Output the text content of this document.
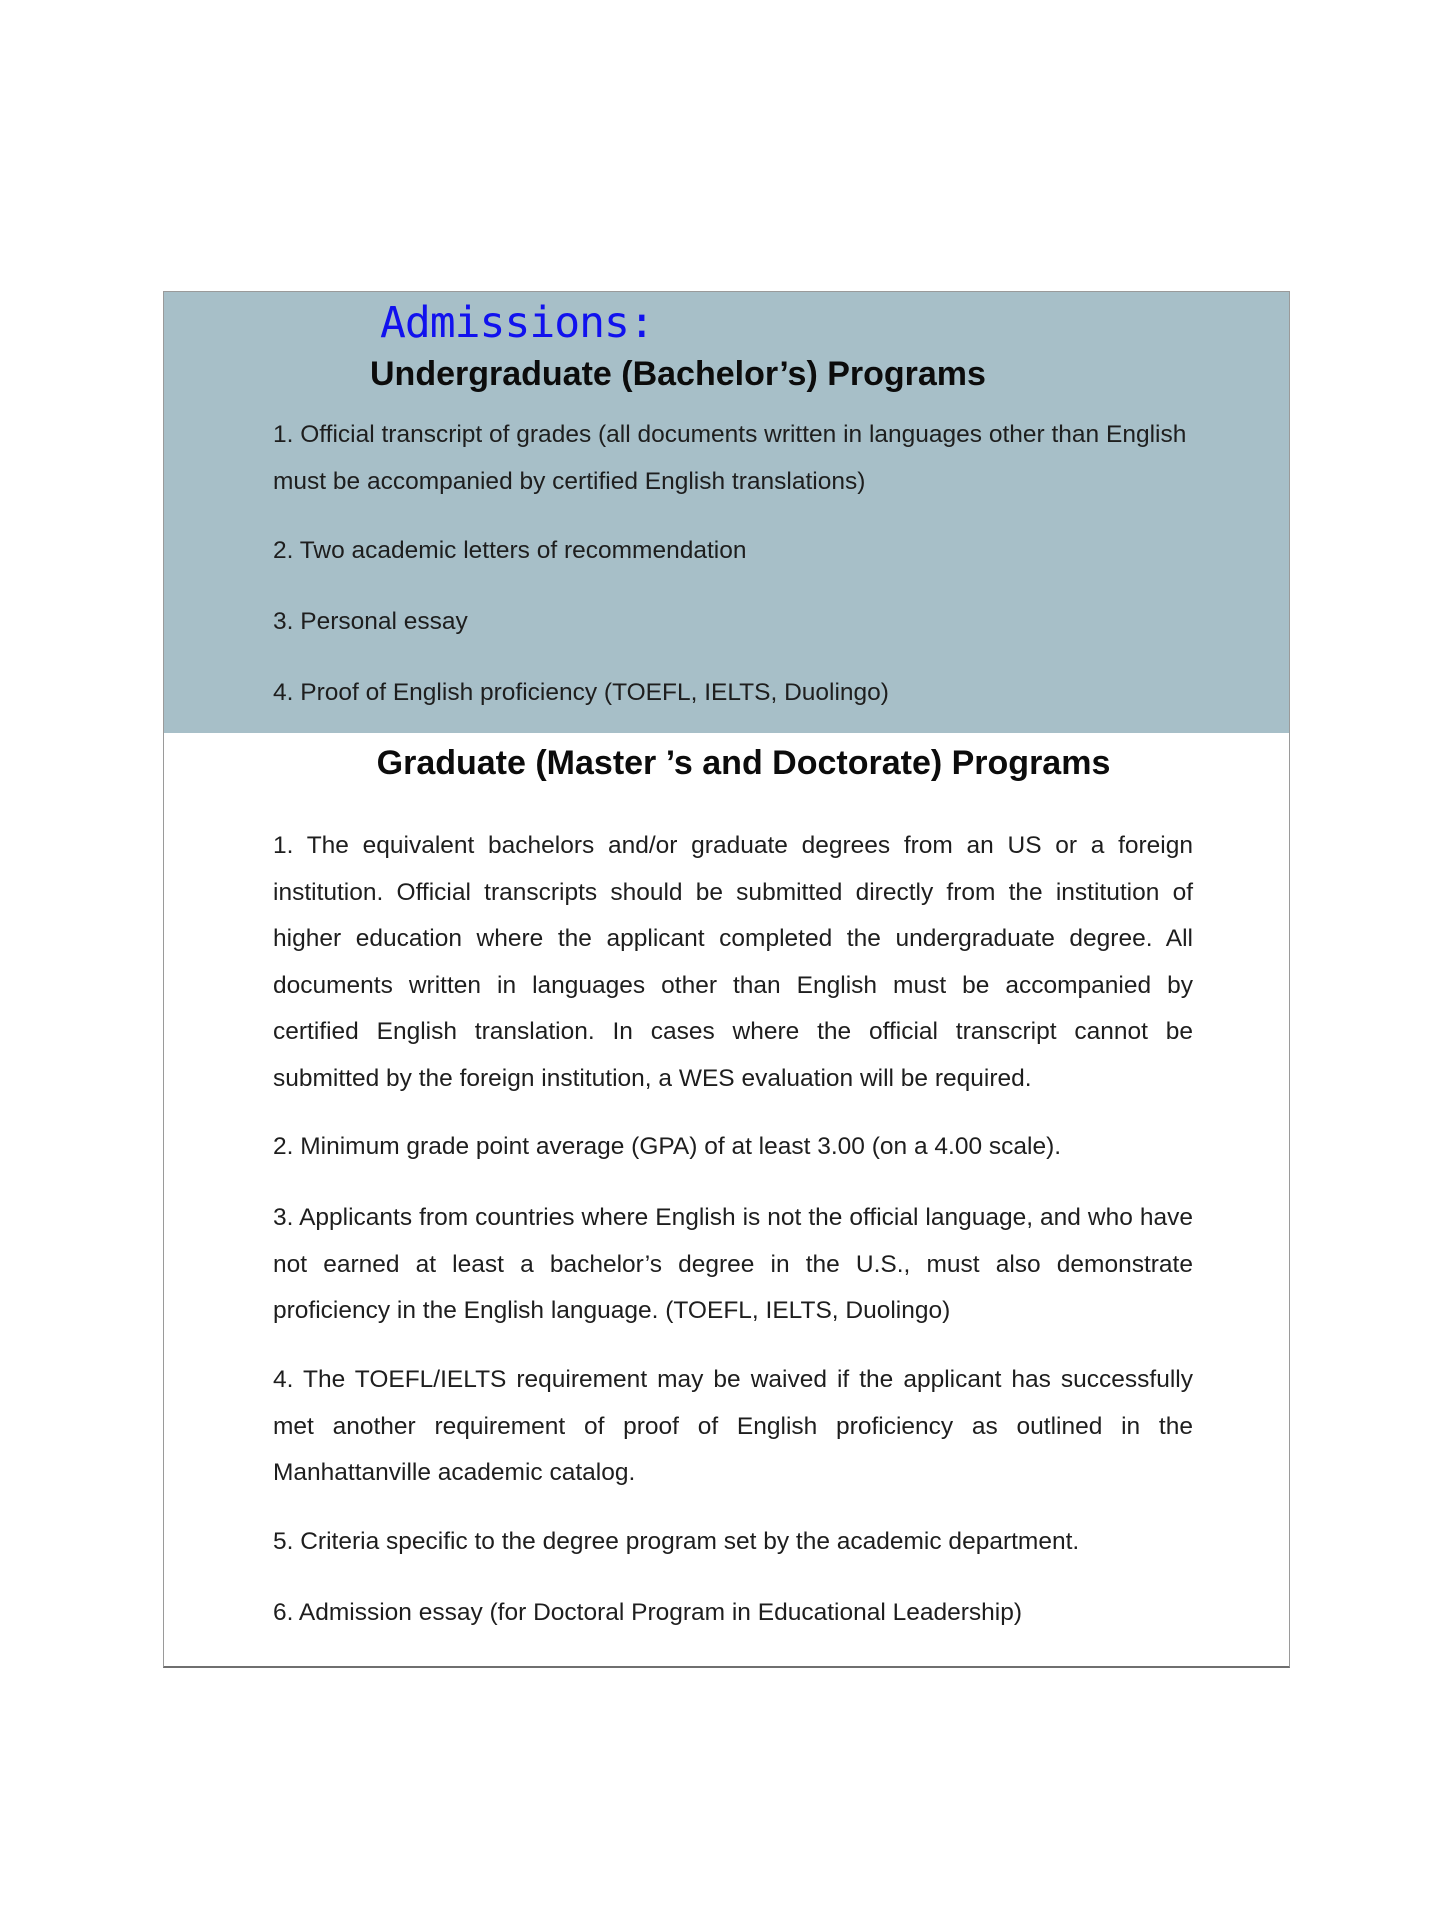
Admissions:
Undergraduate (Bachelor’s) Programs

1. Official transcript of grades (all documents written in languages other than English must be accompanied by certified English translations)

2. Two academic letters of recommendation

3. Personal essay

4. Proof of English proficiency (TOEFL, IELTS, Duolingo)

Graduate (Master ’s and Doctorate) Programs

1. The equivalent bachelors and/or graduate degrees from an US or a foreign institution. Official transcripts should be submitted directly from the institution of higher education where the applicant completed the undergraduate degree. All documents written in languages other than English must be accompanied by certified English translation. In cases where the official transcript cannot be submitted by the foreign institution, a WES evaluation will be required.

2. Minimum grade point average (GPA) of at least 3.00 (on a 4.00 scale).

3. Applicants from countries where English is not the official language, and who have not earned at least a bachelor’s degree in the U.S., must also demonstrate proficiency in the English language. (TOEFL, IELTS, Duolingo)

4. The TOEFL/IELTS requirement may be waived if the applicant has successfully met another requirement of proof of English proficiency as outlined in the Manhattanville academic catalog.

5. Criteria specific to the degree program set by the academic department.

6. Admission essay (for Doctoral Program in Educational Leadership)
